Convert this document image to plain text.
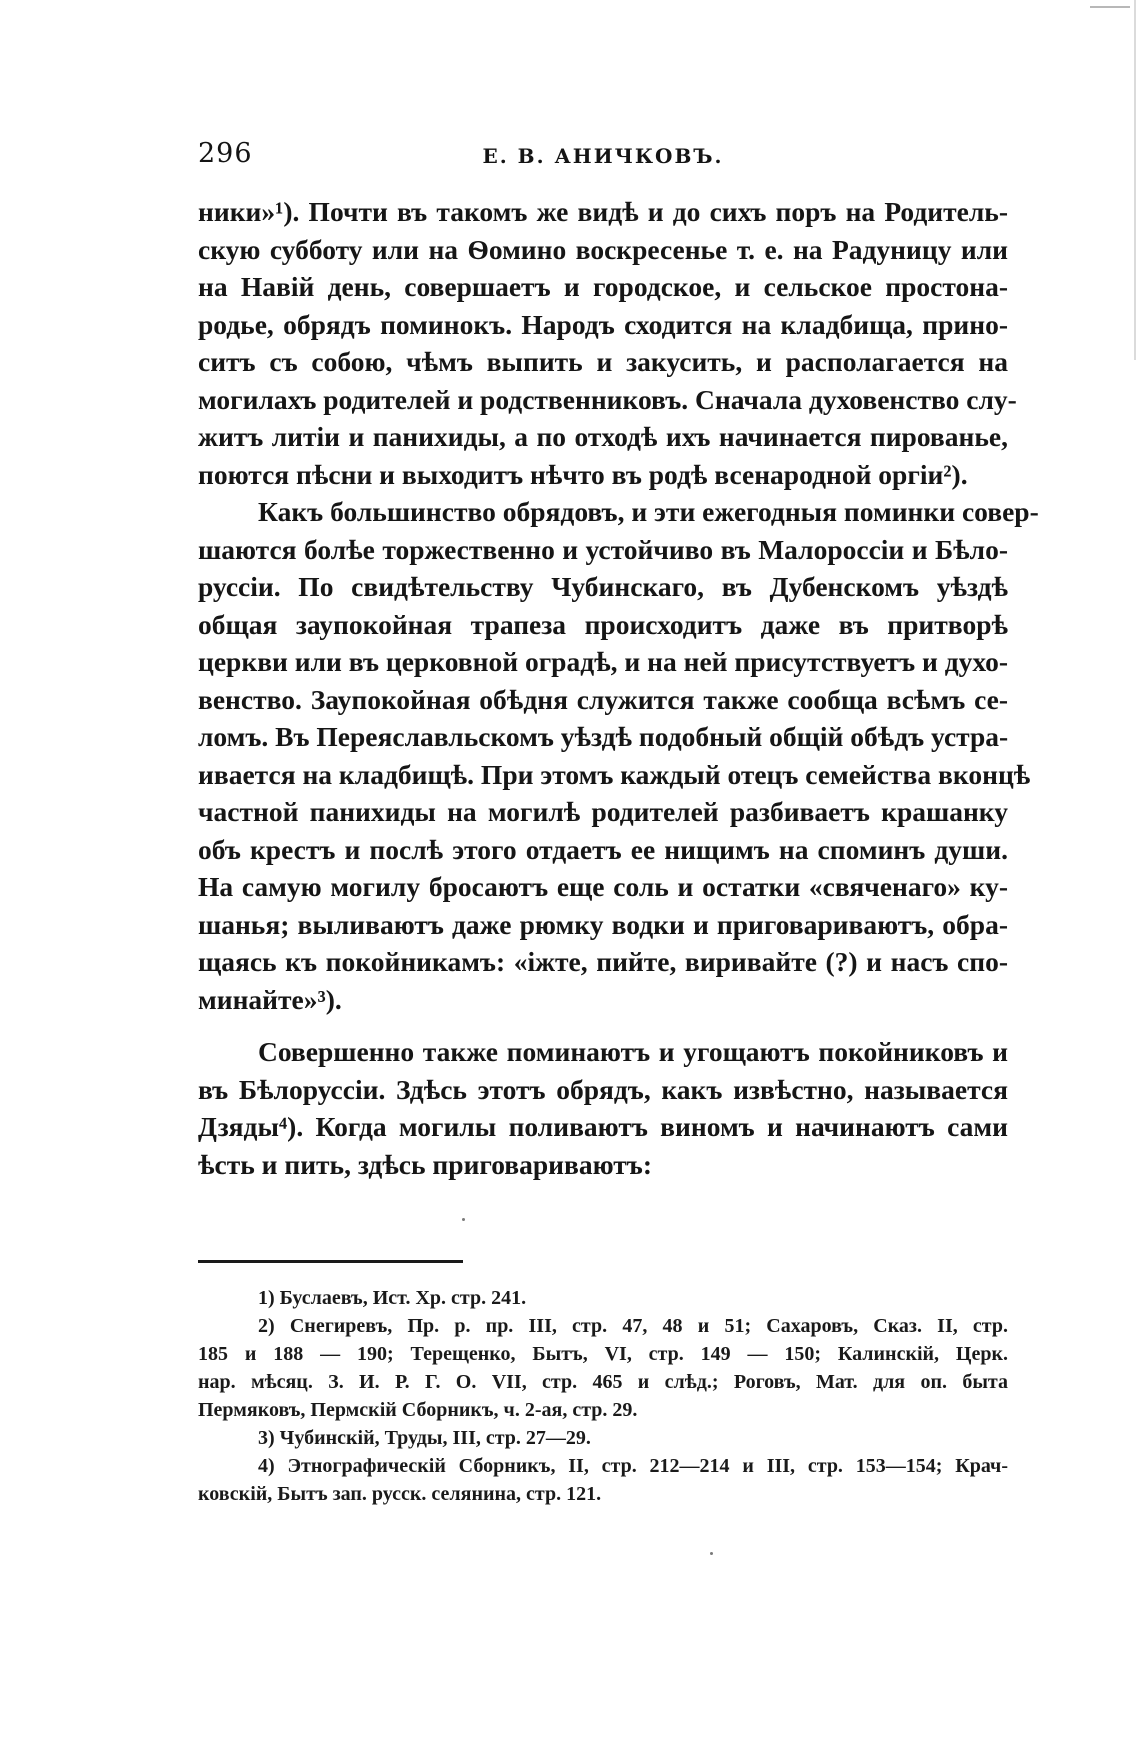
296	Е. В. АНИЧКОВЪ.
ники»¹). Почти въ такомъ же видѣ и до сихъ поръ на Родитель-
скую субботу или на Ѳомино воскресенье т. е. на Радуницу или
на Навій день, совершаетъ и городское, и сельское простона-
родье, обрядъ поминокъ. Народъ сходится на кладбища, прино-
ситъ съ собою, чѣмъ выпить и закусить, и располагается на
могилахъ родителей и родственниковъ. Сначала духовенство слу-
житъ литіи и панихиды, а по отходѣ ихъ начинается пированье,
поются пѣсни и выходитъ нѣчто въ родѣ всенародной оргіи²).
Какъ большинство обрядовъ, и эти ежегодныя поминки совер-
шаются болѣе торжественно и устойчиво въ Малороссіи и Бѣло-
руссіи. По свидѣтельству Чубинскаго, въ Дубенскомъ уѣздѣ
общая заупокойная трапеза происходитъ даже въ притворѣ
церкви или въ церковной оградѣ, и на ней присутствуетъ и духо-
венство. Заупокойная обѣдня служится также сообща всѣмъ се-
ломъ. Въ Переяславльскомъ уѣздѣ подобный общій обѣдъ устра-
ивается на кладбищѣ. При этомъ каждый отецъ семейства вконцѣ
частной панихиды на могилѣ родителей разбиваетъ крашанку
объ крестъ и послѣ этого отдаетъ ее нищимъ на споминъ души.
На самую могилу бросаютъ еще соль и остатки «свяченаго» ку-
шанья; выливаютъ даже рюмку водки и приговариваютъ, обра-
щаясь къ покойникамъ: «іжте, пийте, виривайте (?) и насъ спо-
минайте»³).
Совершенно также поминаютъ и угощаютъ покойниковъ и
въ Бѣлоруссіи. Здѣсь этотъ обрядъ, какъ извѣстно, называется
Дзяды⁴). Когда могилы поливаютъ виномъ и начинаютъ сами
ѣсть и пить, здѣсь приговариваютъ:
1) Буслаевъ, Ист. Хр. стр. 241.
2) Снегиревъ, Пр. р. пр. III, стр. 47, 48 и 51; Сахаровъ, Сказ. II, стр.
185 и 188 — 190; Терещенко, Бытъ, VI, стр. 149 — 150; Калинскій, Церк.
нар. мѣсяц. З. И. Р. Г. О. VII, стр. 465 и слѣд.; Роговъ, Мат. для оп. быта
Пермяковъ, Пермскій Сборникъ, ч. 2-ая, стр. 29.
3) Чубинскій, Труды, III, стр. 27—29.
4) Этнографическій Сборникъ, II, стр. 212—214 и III, стр. 153—154; Крач-
ковскій, Бытъ зап. русск. селянина, стр. 121.
